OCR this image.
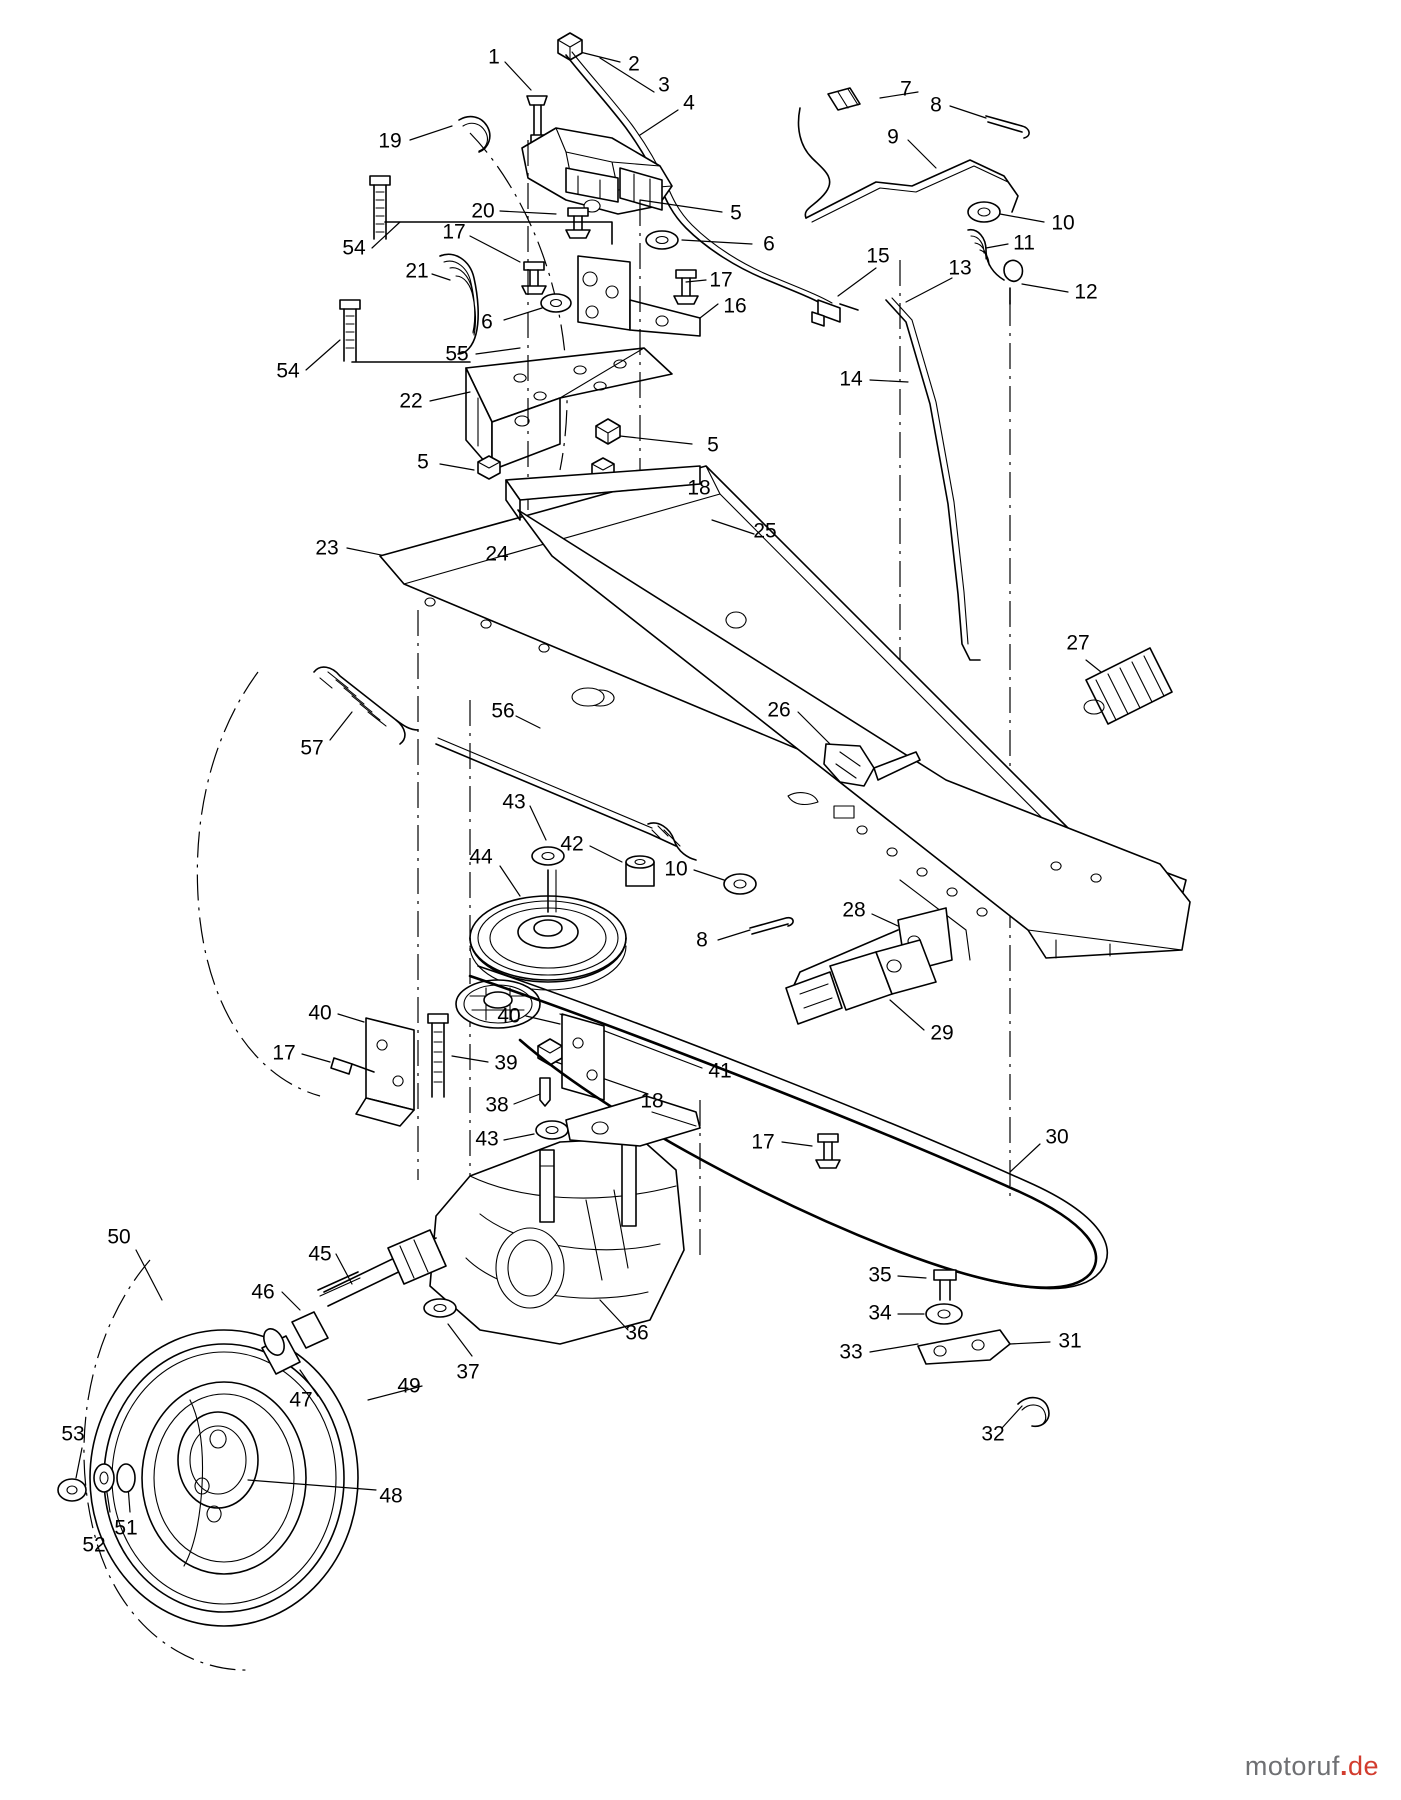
1	2
3
4
7
8
9
19
5
20
10
54
17
6	11
15
13
21	17
12
6
16
54
55
14
22
5
5
18
25
23	24
27
57
56	26
43
42
44
10
28
8
29
40	40
17	39	41
18
38
43	17	30
45
50
35
46
34
36
33	31
37
47
49
32
53
48
51
52
motoruf.de
